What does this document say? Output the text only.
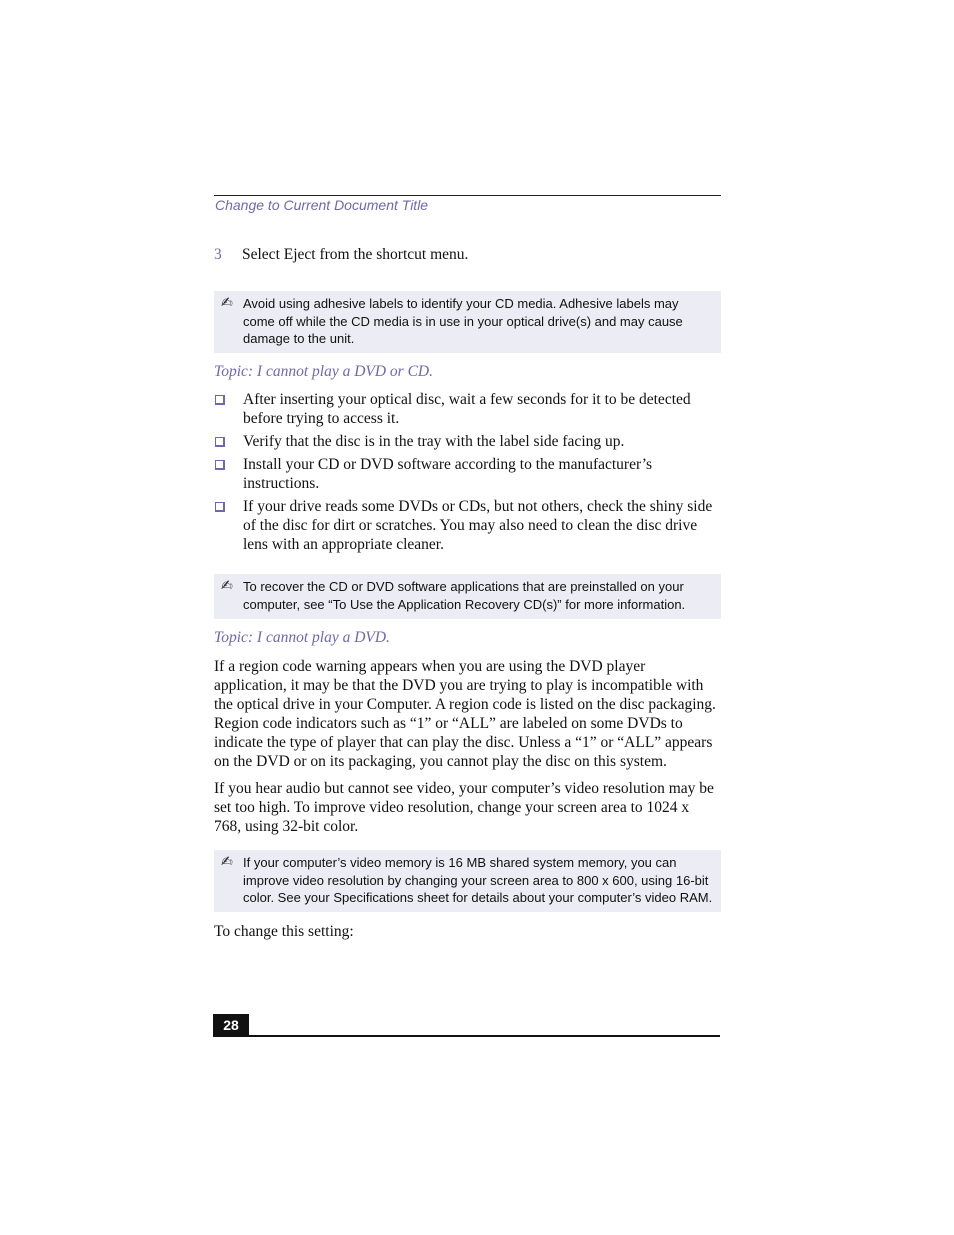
Change to Current Document Title
3 Select Eject from the shortcut menu.
✍ Avoid using adhesive labels to identify your CD media. Adhesive labels may come off while the CD media is in use in your optical drive(s) and may cause damage to the unit.
Topic: I cannot play a DVD or CD.
After inserting your optical disc, wait a few seconds for it to be detected before trying to access it.
Verify that the disc is in the tray with the label side facing up.
Install your CD or DVD software according to the manufacturer’s instructions.
If your drive reads some DVDs or CDs, but not others, check the shiny side of the disc for dirt or scratches. You may also need to clean the disc drive lens with an appropriate cleaner.
✍ To recover the CD or DVD software applications that are preinstalled on your computer, see “To Use the Application Recovery CD(s)” for more information.
Topic: I cannot play a DVD.

If a region code warning appears when you are using the DVD player application, it may be that the DVD you are trying to play is incompatible with the optical drive in your Computer. A region code is listed on the disc packaging. Region code indicators such as “1” or “ALL” are labeled on some DVDs to indicate the type of player that can play the disc. Unless a “1” or “ALL” appears on the DVD or on its packaging, you cannot play the disc on this system.

If you hear audio but cannot see video, your computer’s video resolution may be set too high. To improve video resolution, change your screen area to 1024 x 768, using 32-bit color.

✍ If your computer’s video memory is 16 MB shared system memory, you can improve video resolution by changing your screen area to 800 x 600, using 16-bit color. See your Specifications sheet for details about your computer’s video RAM.

To change this setting:

28
